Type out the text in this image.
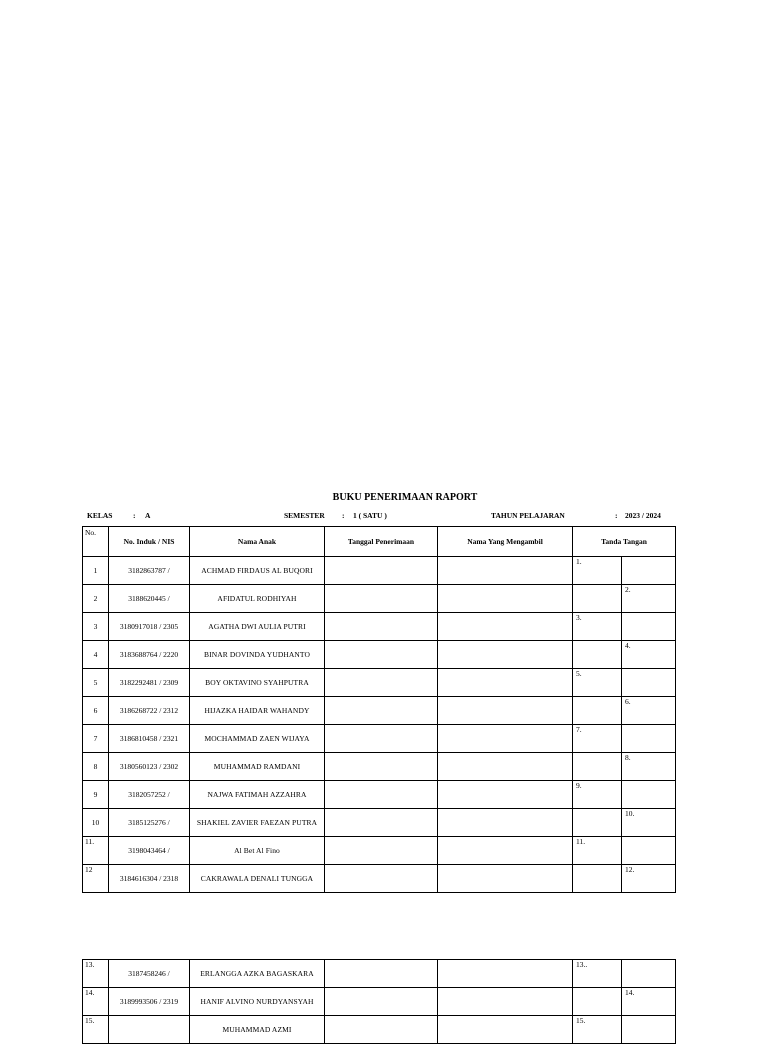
BUKU PENERIMAAN RAPORT
KELAS	: A	SEMESTER : 1 ( SATU )	TAHUN PELAJARAN	: 2023 / 2024
No.	No. Induk / NIS	Nama Anak	Tanggal Penerimaan	Nama Yang Mengambil	Tanda Tangan	
1	3182863787 /	ACHMAD FIRDAUS AL BUQORI			1.	

2	3188620445 /	AFIDATUL RODHIYAH				2.

3	3180917018 / 2305	AGATHA DWI AULIA PUTRI			3.	

4	3183688764 / 2220	BINAR DOVINDA YUDHANTO				4.

5	3182292481 / 2309	BOY OKTAVINO SYAHPUTRA			5.	

6	3186268722 / 2312	HIJAZKA HAIDAR WAHANDY				6.

7	3186810458 / 2321	MOCHAMMAD ZAEN WIJAYA			7.	

8	3180560123 / 2302	MUHAMMAD RAMDANI				8.

9	3182057252 /	NAJWA FATIMAH AZZAHRA			9.	

10	3185125276 /	SHAKIEL ZAVIER FAEZAN PUTRA				10.

11.	3198043464 /	Al Bet Al Fino			11.	

12	3184616304 / 2318	CAKRAWALA DENALI TUNGGA				12.
13.	3187458246 /	ERLANGGA AZKA BAGASKARA			13..	

14.	3189993506 / 2319	HANIF ALVINO NURDYANSYAH				14.

15.		MUHAMMAD AZMI			15.	
